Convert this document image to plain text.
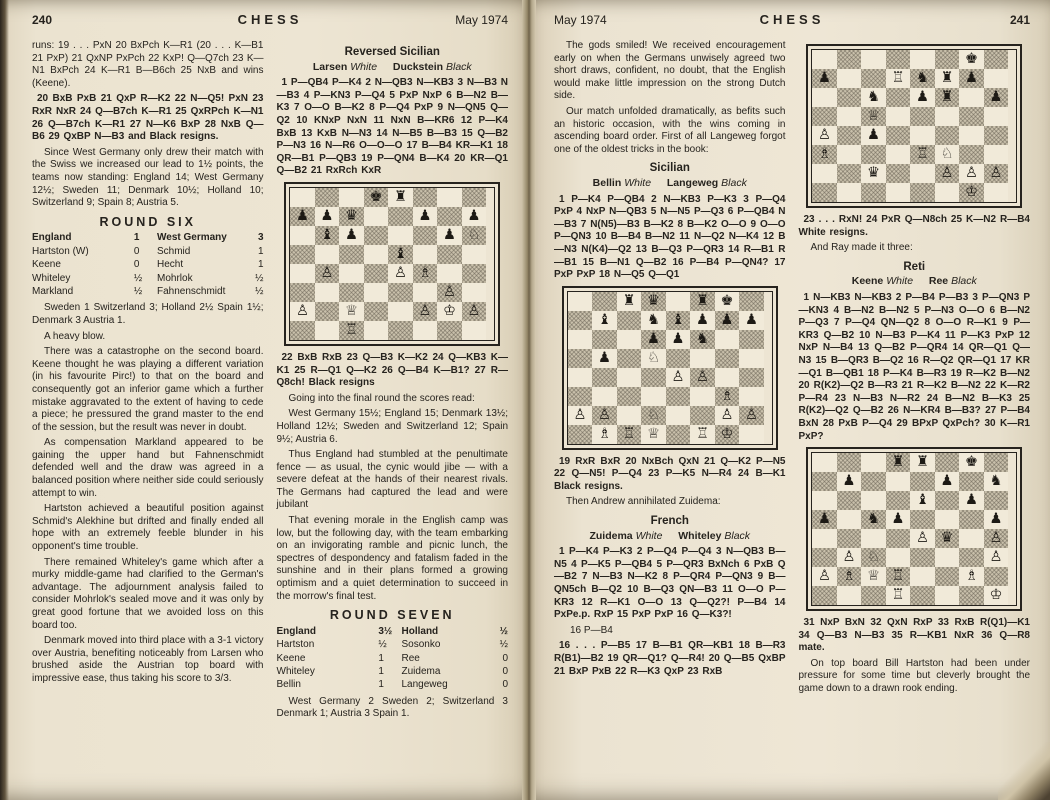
240	CHESS	May 1974

runs: 19 . . . PxN 20 BxPch K—R1 (20 . . . K—B1 21 PxP) 21 QxNP PxPch 22 KxP! Q—Q7ch 23 K—N1 BxPch 24 K—R1 B—B6ch 25 NxB and wins (Keene).

20 BxB PxB 21 QxP R—K2 22 N—Q5! PxN 23 RxR NxR 24 Q—B7ch K—R1 25 QxRPch K—N1 26 Q—B7ch K—R1 27 N—K6 BxP 28 NxB Q—B6 29 QxBP N—B3 and Black resigns.

Since West Germany only drew their match with the Swiss we increased our lead to 1½ points, the teams now standing: England 14; West Germany 12½; Sweden 11; Denmark 10½; Holland 10; Switzerland 9; Spain 8; Austria 5.

ROUND SIX
England	1	West Germany	3
Hartston (W)	0	Schmid	1
Keene	0	Hecht	1
Whiteley	½	Mohrlok	½
Markland	½	Fahnenschmidt	½

Sweden 1 Switzerland 3; Holland 2½ Spain 1½; Denmark 3 Austria 1.

A heavy blow.

There was a catastrophe on the second board. Keene thought he was playing a different variation (in his favourite Pirc!) to that on the board and consequently got an inferior game which a further mistake aggravated to the extent of having to cede a piece; he pressured the grand master to the end of the session, but the result was never in doubt.

As compensation Markland appeared to be gaining the upper hand but Fahnenschmidt defended well and the draw was agreed in a balanced position where neither side could seriously attempt to win.

Hartston achieved a beautiful position against Schmid's Alekhine but drifted and finally ended all hope with an extremely feeble blunder in his opponent's time trouble.

There remained Whiteley's game which after a murky middle-game had clarified to the German's advantage. The adjournment analysis failed to consider Mohrlok's sealed move and it was only by great good fortune that we avoided loss on this board too.

Denmark moved into third place with a 3-1 victory over Austria, benefiting noticeably from Larsen who brushed aside the Austrian top board with impressive ease, thus taking his score to 3/3.

Reversed Sicilian
Larsen White Duckstein Black

1 P—QB4 P—K4 2 N—QB3 N—KB3 3 N—B3 N—B3 4 P—KN3 P—Q4 5 PxP NxP 6 B—N2 B—K3 7 O—O B—K2 8 P—Q4 PxP 9 N—QN5 Q—Q2 10 KNxP NxN 11 NxN B—KR6 12 P—K4 BxB 13 KxB N—N3 14 N—B5 B—B3 15 Q—B2 P—N3 16 N—R6 O—O—O 17 B—B4 KR—K1 18 QR—B1 P—QB3 19 P—QN4 B—K4 20 KR—Q1 Q—B2 21 RxRch KxR

♚ ♜
♟ ♟ ♛	♟	♟
♝ ♟	♟ ♘
♝
♙	♙ ♗
♙
♙	♕	♙ ♔ ♙
♖

22 BxB RxB 23 Q—B3 K—K2 24 Q—KB3 K—K1 25 R—Q1 Q—K2 26 Q—B4 K—B1? 27 R—Q8ch! Black resigns

Going into the final round the scores read:

West Germany 15½; England 15; Denmark 13½; Holland 12½; Sweden and Switzerland 12; Spain 9½; Austria 6.

Thus England had stumbled at the penultimate fence — as usual, the cynic would jibe — with a severe defeat at the hands of their nearest rivals. The Germans had captured the lead and were jubilant

That evening morale in the English camp was low, but the following day, with the team embarking on an invigorating ramble and picnic lunch, the spectres of despondency and fatalism faded in the sunshine and in their plans formed a growing optimism and a quiet determination to succeed in the morrow's final test.

ROUND SEVEN
England	3½ Holland	½
Hartston	½	Sosonko	½
Keene	1	Ree	0
Whiteley	1	Zuidema	0
Bellin	1	Langeweg	0

West Germany 2 Sweden 2; Switzerland 3 Denmark 1; Austria 3 Spain 1.

May 1974	CHESS	241

The gods smiled! We received encouragement early on when the Germans unwisely agreed two short draws, confident, no doubt, that the English would make little impression on the strong Dutch side.

Our match unfolded dramatically, as befits such an historic occasion, with the wins coming in ascending board order. First of all Langeweg forgot one of the oldest tricks in the book:

Sicilian
Bellin White Langeweg Black

1 P—K4 P—QB4 2 N—KB3 P—K3 3 P—Q4 PxP 4 NxP N—QB3 5 N—N5 P—Q3 6 P—QB4 N—B3 7 N(N5)—B3 B—K2 8 B—K2 O—O 9 O—O P—QN3 10 B—B4 B—N2 11 N—Q2 N—K4 12 B—N3 N(K4)—Q2 13 B—Q3 P—QR3 14 R—B1 R—B1 15 B—N1 Q—B2 16 P—B4 P—QN4? 17 PxP PxP 18 N—Q5 Q—Q1

♜ ♛	♜ ♚
♝	♞ ♝ ♟ ♟ ♟
♟ ♟ ♞
♟	♘
♙ ♙
♗
♙ ♙	♘	♙ ♙
♗ ♖ ♕	♖ ♔

19 RxR BxR 20 NxBch QxN 21 Q—K2 P—N5 22 Q—N5! P—Q4 23 P—K5 N—R4 24 B—K1 Black resigns.

Then Andrew annihilated Zuidema:

French
Zuidema White Whiteley Black

1 P—K4 P—K3 2 P—Q4 P—Q4 3 N—QB3 B—N5 4 P—K5 P—QB4 5 P—QR3 BxNch 6 PxB Q—B2 7 N—B3 N—K2 8 P—QR4 P—QN3 9 B—QN5ch B—Q2 10 B—Q3 QN—B3 11 O—O P—KR3 12 R—K1 O—O 13 Q—Q2?! P—B4 14 PxPe.p. RxP 15 PxP PxP 16 Q—K3?!

16 P—B4

16 . . . P—B5 17 B—B1 QR—KB1 18 B—R3 R(B1)—B2 19 QR—Q1? Q—R4! 20 Q—B5 QxBP 21 BxP PxB 22 R—K3 QxP 23 RxB

♚
♟	♖ ♞ ♜ ♟
♞	♟ ♜	♟
♕
♙	♟
♗	♖ ♘
♛	♙ ♙ ♙
♔

23 . . . RxN! 24 PxR Q—N8ch 25 K—N2 R—B4 White resigns.

And Ray made it three:

Reti
Keene White Ree Black

1 N—KB3 N—KB3 2 P—B4 P—B3 3 P—QN3 P—KN3 4 B—N2 B—N2 5 P—N3 O—O 6 B—N2 P—Q3 7 P—Q4 QN—Q2 8 O—O R—K1 9 P—KR3 Q—B2 10 N—B3 P—K4 11 P—K3 PxP 12 NxP N—B4 13 Q—B2 P—QR4 14 QR—Q1 Q—N3 15 B—QR3 B—Q2 16 R—Q2 QR—Q1 17 KR—Q1 B—QB1 18 P—K4 B—R3 19 R—K2 B—N2 20 R(K2)—Q2 B—R3 21 R—K2 B—N2 22 K—R2 P—R4 23 N—B3 N—R2 24 B—N2 B—K3 25 R(K2)—Q2 Q—B2 26 N—KR4 B—B3? 27 P—B4 BxN 28 PxB P—Q4 29 BPxP QxPch? 30 K—R1 PxP?

♜ ♜	♚
♟	♟	♞
♝	♟
♟	♞ ♟	♟
♙ ♛	♙
♙ ♘	♙
♙ ♗ ♕ ♖	♗
♖	♔

31 NxP BxN 32 QxN RxP 33 RxB R(Q1)—K1 34 Q—B3 N—B3 35 R—KB1 NxR 36 Q—R8 mate.

On top board Bill Hartston had been under pressure for some time but cleverly brought the game down to a drawn rook ending.
